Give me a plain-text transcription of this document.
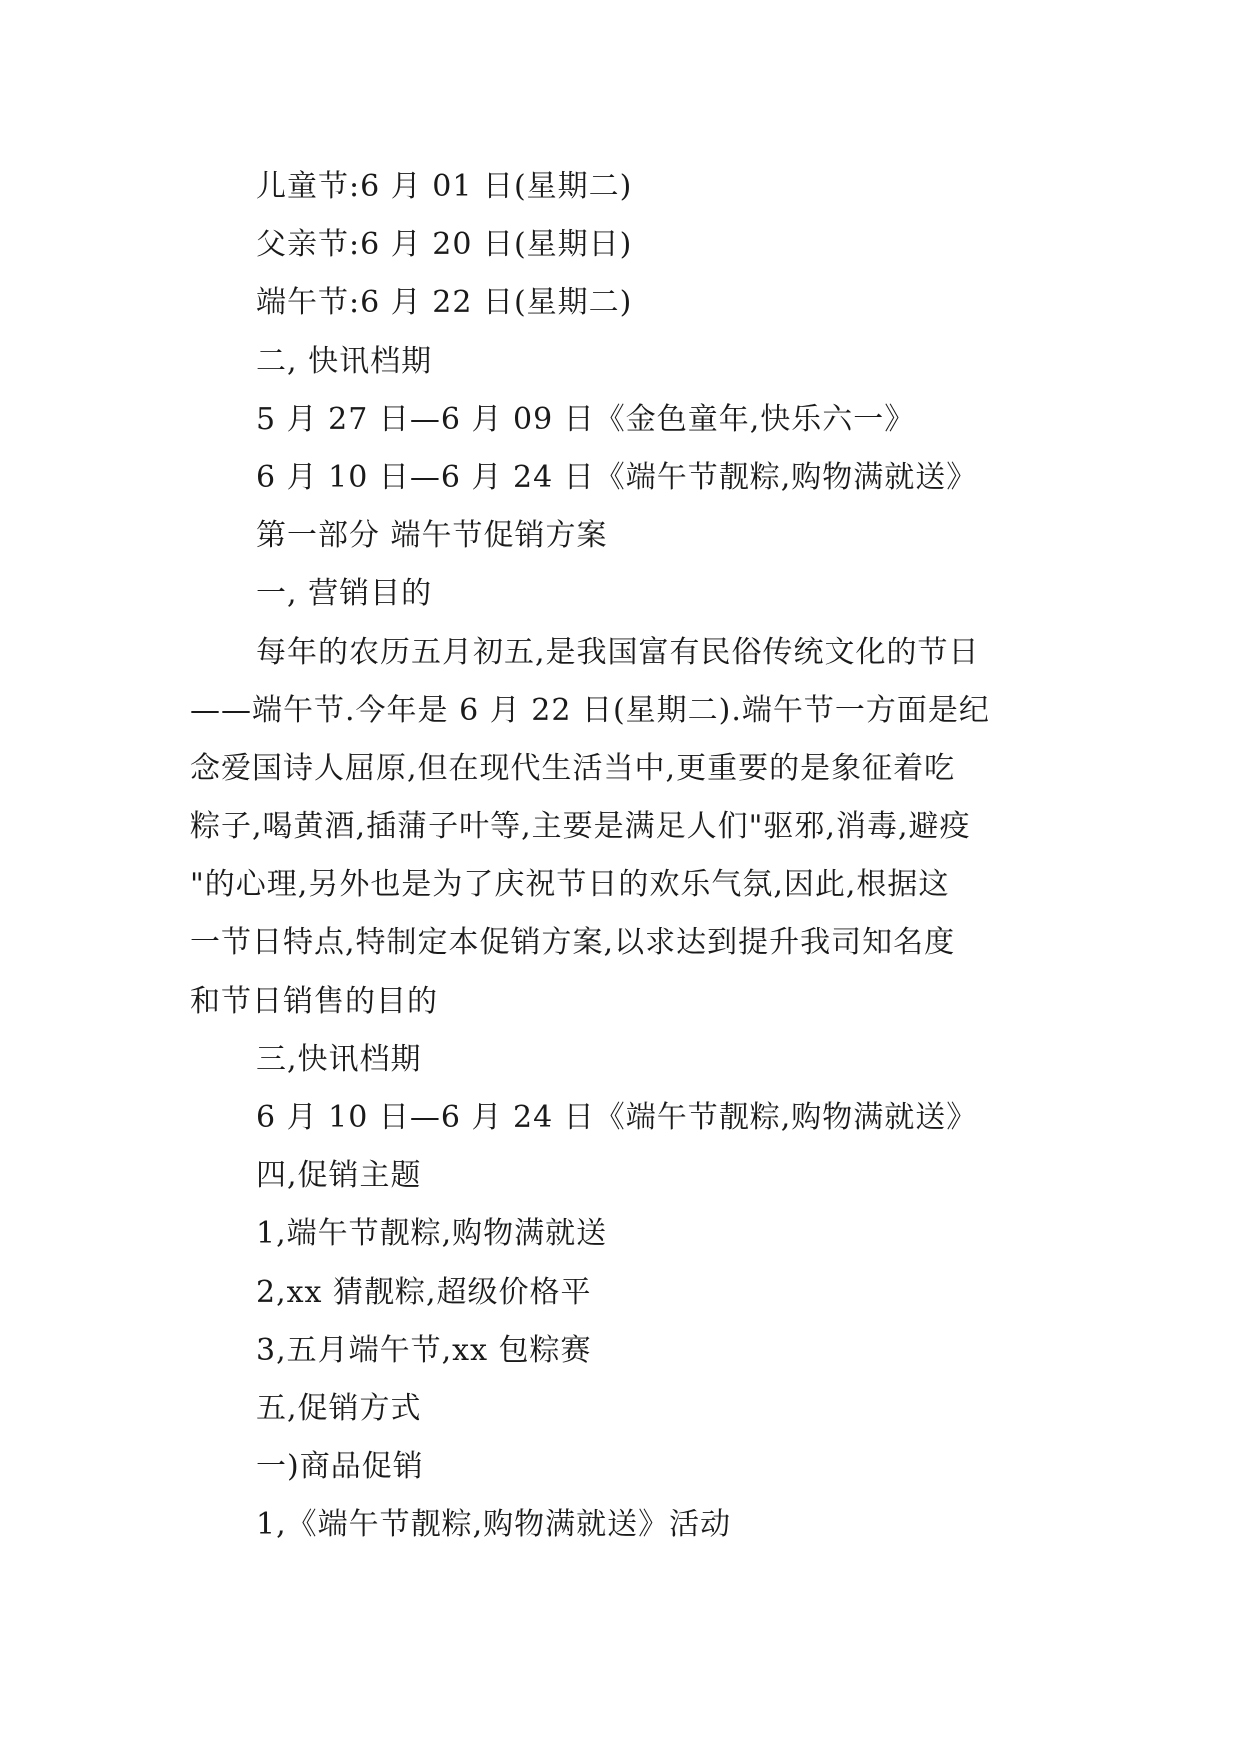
儿童节:6 月 01 日(星期二)
父亲节:6 月 20 日(星期日)
端午节:6 月 22 日(星期二)
二, 快讯档期
5 月 27 日—6 月 09 日《金色童年,快乐六一》
6 月 10 日—6 月 24 日《端午节靓粽,购物满就送》
第一部分 端午节促销方案
一, 营销目的
每年的农历五月初五,是我国富有民俗传统文化的节日
——端午节.今年是 6 月 22 日(星期二).端午节一方面是纪
念爱国诗人屈原,但在现代生活当中,更重要的是象征着吃
粽子,喝黄酒,插蒲子叶等,主要是满足人们"驱邪,消毒,避疫
"的心理,另外也是为了庆祝节日的欢乐气氛,因此,根据这
一节日特点,特制定本促销方案,以求达到提升我司知名度
和节日销售的目的
三,快讯档期
6 月 10 日—6 月 24 日《端午节靓粽,购物满就送》
四,促销主题
1,端午节靓粽,购物满就送
2,xx 猜靓粽,超级价格平
3,五月端午节,xx 包粽赛
五,促销方式
一)商品促销
1,《端午节靓粽,购物满就送》活动
